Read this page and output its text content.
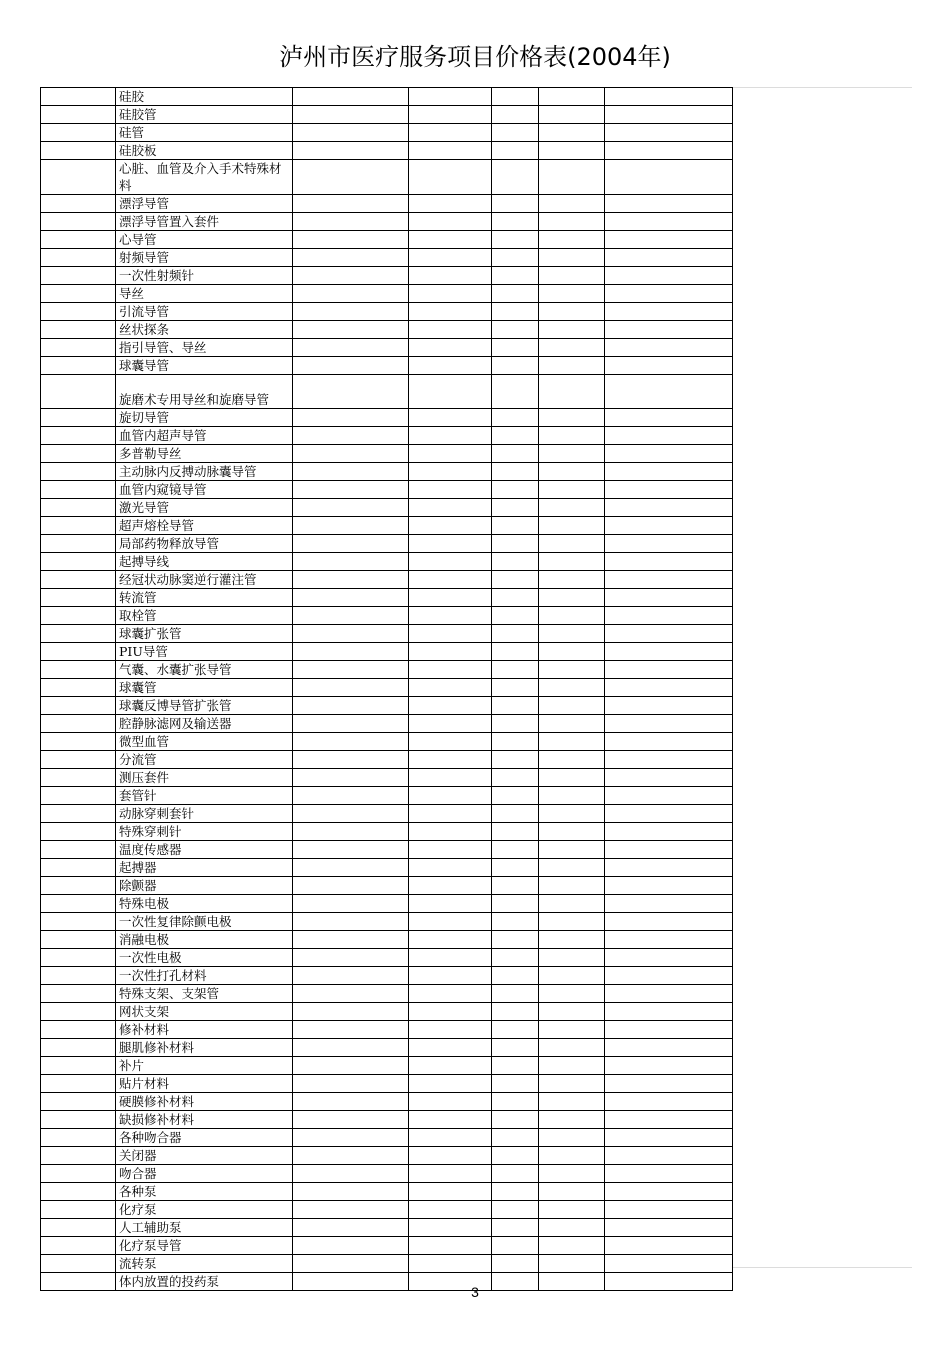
泸州市医疗服务项目价格表(2004年)
	硅胶					
	硅胶管					
	硅管					
	硅胶板					
	心脏、血管及介入手术特殊材料					
	漂浮导管					
	漂浮导管置入套件					
	心导管					
	射频导管					
	一次性射频针					
	导丝					
	引流导管					
	丝状探条					
	指引导管、导丝					
	球囊导管					
	旋磨术专用导丝和旋磨导管					
	旋切导管					
	血管内超声导管					
	多普勒导丝					
	主动脉内反搏动脉囊导管					
	血管内窥镜导管					
	激光导管					
	超声熔栓导管					
	局部药物释放导管					
	起搏导线					
	经冠状动脉窦逆行灌注管					
	转流管					
	取栓管					
	球囊扩张管					
	PIU导管					
	气囊、水囊扩张导管					
	球囊管					
	球囊反博导管扩张管					
	腔静脉滤网及输送器					
	微型血管					
	分流管					
	测压套件					
	套管针					
	动脉穿刺套针					
	特殊穿刺针					
	温度传感器					
	起搏器					
	除颤器					
	特殊电极					
	一次性复律除颤电极					
	消融电极					
	一次性电极					
	一次性打孔材料					
	特殊支架、支架管					
	网状支架					
	修补材料					
	腿肌修补材料					
	补片					
	贴片材料					
	硬膜修补材料					
	缺损修补材料					
	各种吻合器					
	关闭器					
	吻合器					
	各种泵					
	化疗泵					
	人工辅助泵					
	化疗泵导管					
	流转泵					
	体内放置的投药泵					
3
